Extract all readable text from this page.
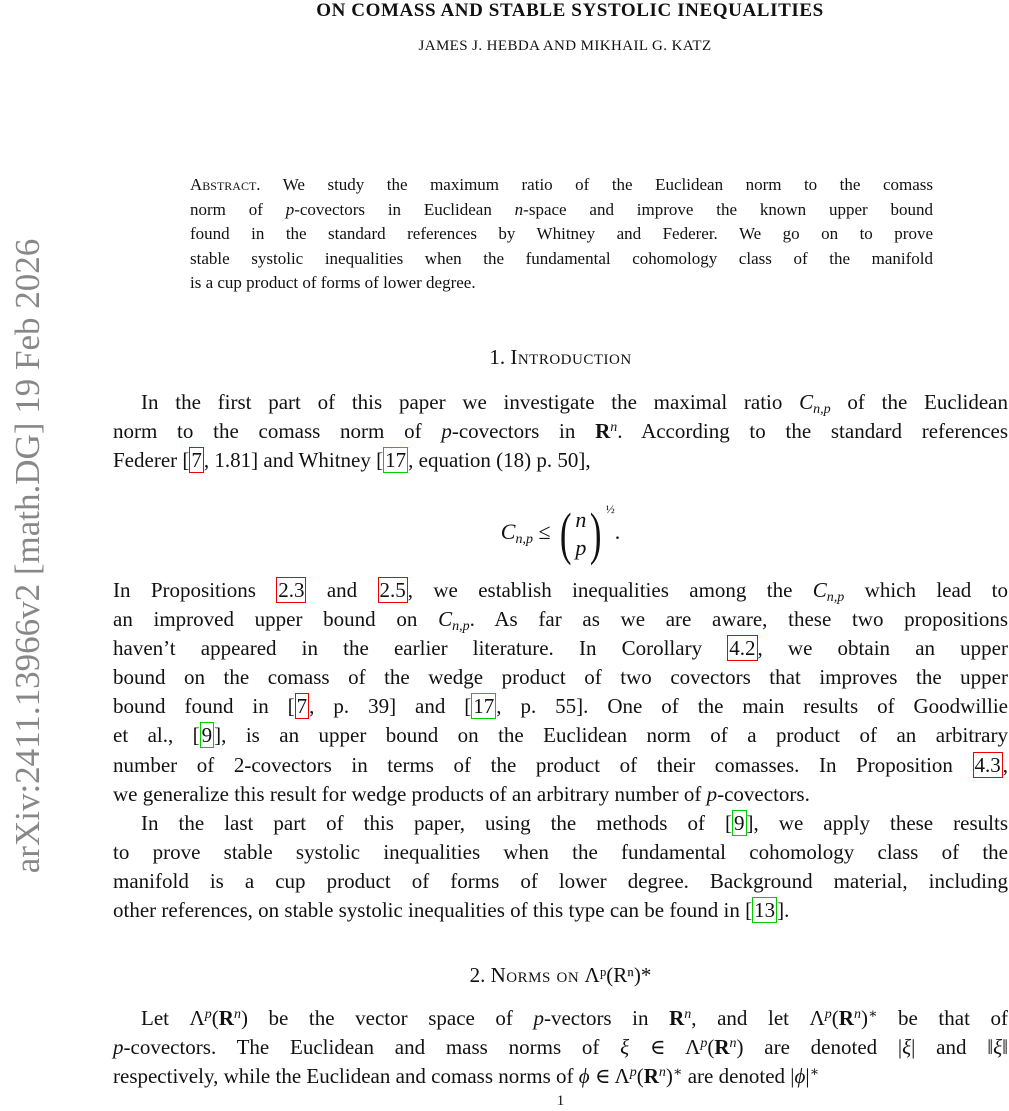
ON COMASS AND STABLE SYSTOLIC INEQUALITIES
JAMES J. HEBDA AND MIKHAIL G. KATZ
arXiv:2411.13966v2 [math.DG] 19 Feb 2026
Abstract. We study the maximum ratio of the Euclidean norm to the comass
norm of p-covectors in Euclidean n-space and improve the known upper bound
found in the standard references by Whitney and Federer. We go on to prove
stable systolic inequalities when the fundamental cohomology class of the manifold
is a cup product of forms of lower degree.
1. Introduction
In the first part of this paper we investigate the maximal ratio $C_{n,p}$ of the Euclidean
norm to the comass norm of p-covectors in $R^n$. According to the standard references
Federer [7, 1.81] and Whitney [17, equation (18) p. 50],
$C_{n,p}$ ≤ ( n
p ) $^{\frac{1}{2}}$.
In Propositions 2.3 and 2.5, we establish inequalities among the $C_{n,p}$ which lead to
an improved upper bound on $C_{n,p}$. As far as we are aware, these two propositions
haven’t appeared in the earlier literature. In Corollary 4.2, we obtain an upper
bound on the comass of the wedge product of two covectors that improves the upper
bound found in [7, p. 39] and [17, p. 55]. One of the main results of Goodwillie
et al., [9], is an upper bound on the Euclidean norm of a product of an arbitrary
number of 2-covectors in terms of the product of their comasses. In Proposition 4.3,
we generalize this result for wedge products of an arbitrary number of p-covectors.
In the last part of this paper, using the methods of [9], we apply these results
to prove stable systolic inequalities when the fundamental cohomology class of the
manifold is a cup product of forms of lower degree. Background material, including
other references, on stable systolic inequalities of this type can be found in [13].
2. Norms on Λᵖ(Rⁿ)*
Let $\Lambda^p(R^n)$ be the vector space of p-vectors in $R^n$, and let $\Lambda^p(R^n)^∗$ be that of
p-covectors. The Euclidean and mass norms of ξ ∈ $\Lambda^p(R^n)$ are denoted |ξ| and ‖ξ‖
respectively, while the Euclidean and comass norms of ϕ ∈ $\Lambda^p(R^n)^∗$ are denoted |ϕ|∗
1
